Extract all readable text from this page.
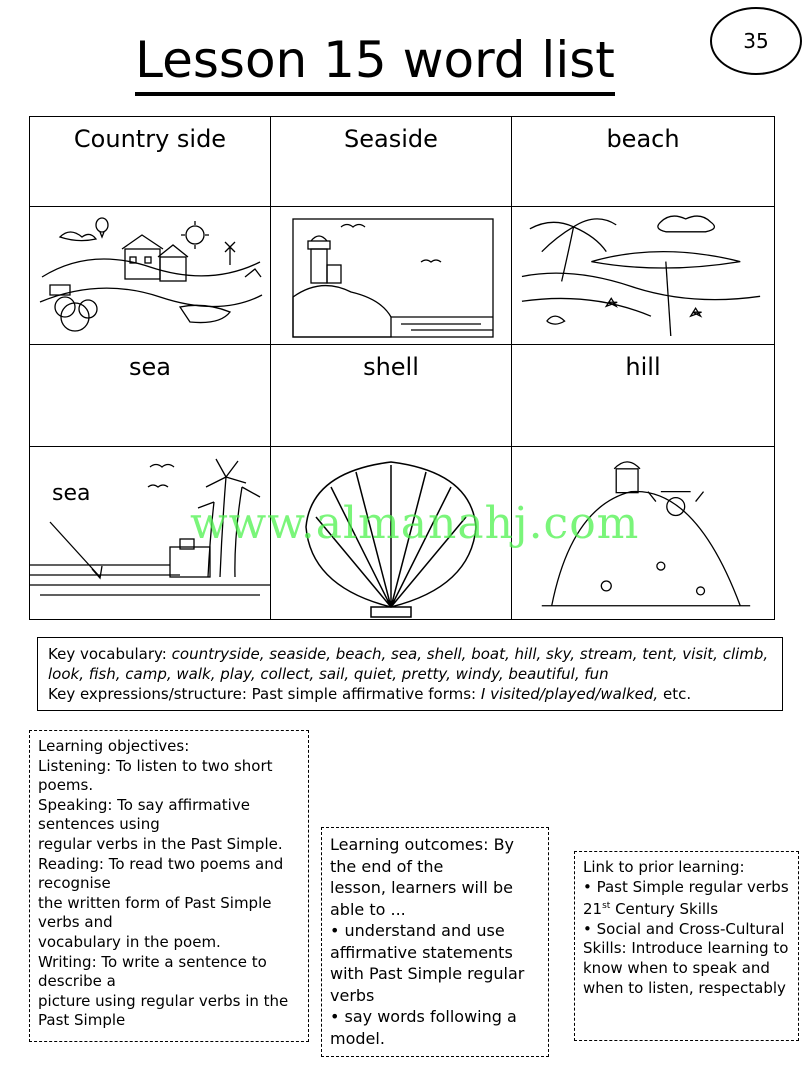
Lesson 15 word list	35
Country side	Seaside	beach

sea	shell	hill

sea

www.almanahj.com
Key vocabulary: countryside, seaside, beach, sea, shell, boat, hill, sky, stream, tent, visit, climb, look, fish, camp, walk, play, collect, sail, quiet, pretty, windy, beautiful, fun
Key expressions/structure: Past simple affirmative forms: I visited/played/walked, etc.
Learning objectives:
Listening: To listen to two short poems.
Speaking: To say affirmative sentences using
regular verbs in the Past Simple.
Reading: To read two poems and recognise
the written form of Past Simple verbs and
vocabulary in the poem.
Writing: To write a sentence to describe a
picture using regular verbs in the Past Simple
Learning outcomes: By the end of the
lesson, learners will be able to ...
• understand and use affirmative statements with Past Simple regular verbs
• say words following a model.
Link to prior learning:
• Past Simple regular verbs
21st Century Skills
• Social and Cross-Cultural Skills: Introduce learning to know when to speak and when to listen, respectably
